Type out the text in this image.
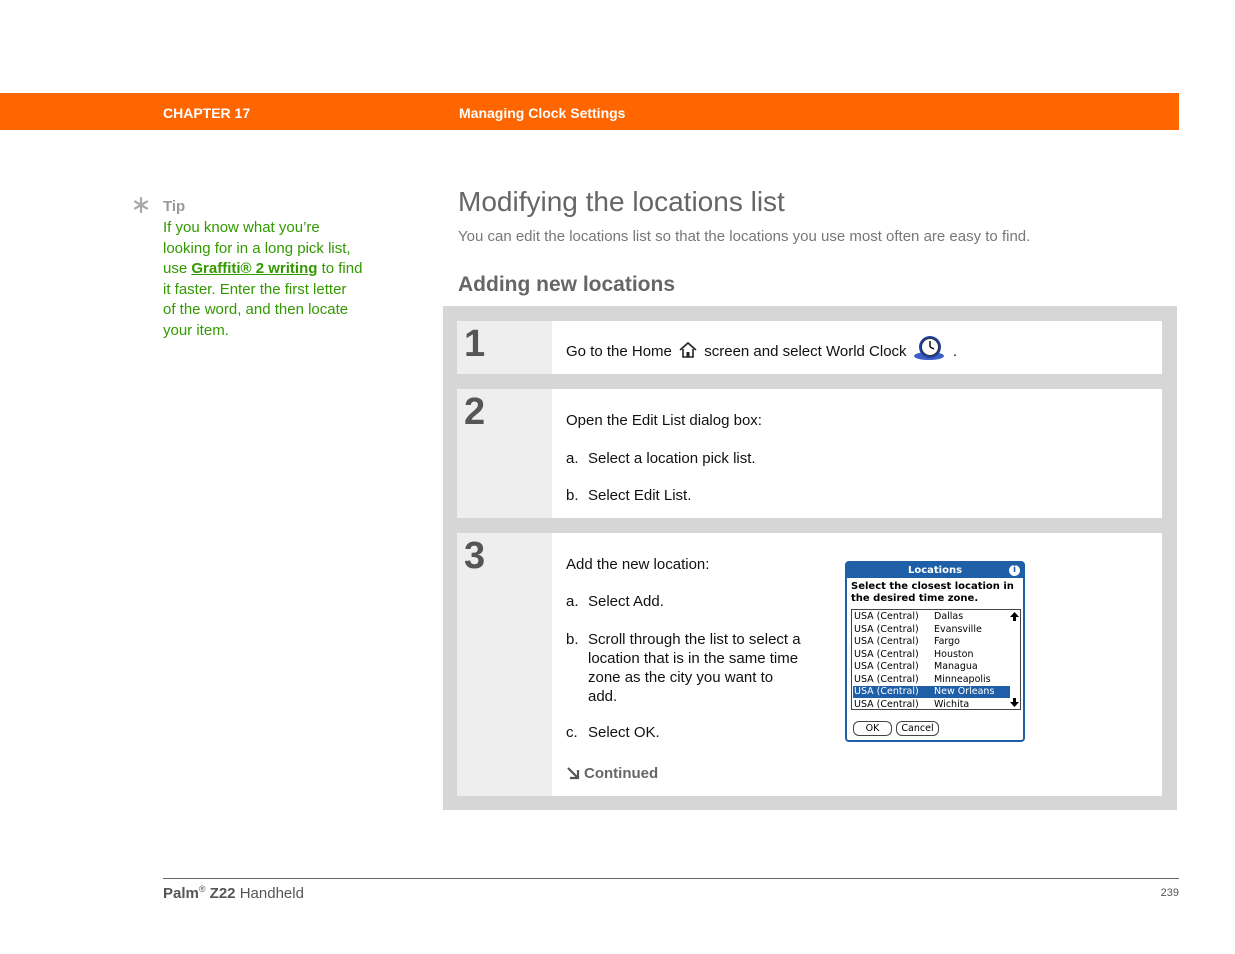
CHAPTER 17	Managing Clock Settings
Tip
If you know what you’re looking for in a long pick list, use Graffiti® 2 writing to find it faster. Enter the first letter of the word, and then locate your item.
Modifying the locations list
You can edit the locations list so that the locations you use most often are easy to find.
Adding new locations
1	Go to the Home screen and select World Clock	.
2	Open the Edit List dialog box:
a. Select a location pick list.
b. Select Edit List.
3	Add the new location:
a. Select Add.
b. Scroll through the list to select a location that is in the same time zone as the city you want to add.
c. Select OK.
Continued
Locations	i
Select the closest location in the desired time zone.
USA (Central) Dallas
USA (Central) Evansville
USA (Central) Fargo
USA (Central) Houston
USA (Central) Managua
USA (Central) Minneapolis
USA (Central) New Orleans
USA (Central) Wichita
OK	Cancel
Palm® Z22 Handheld	239
